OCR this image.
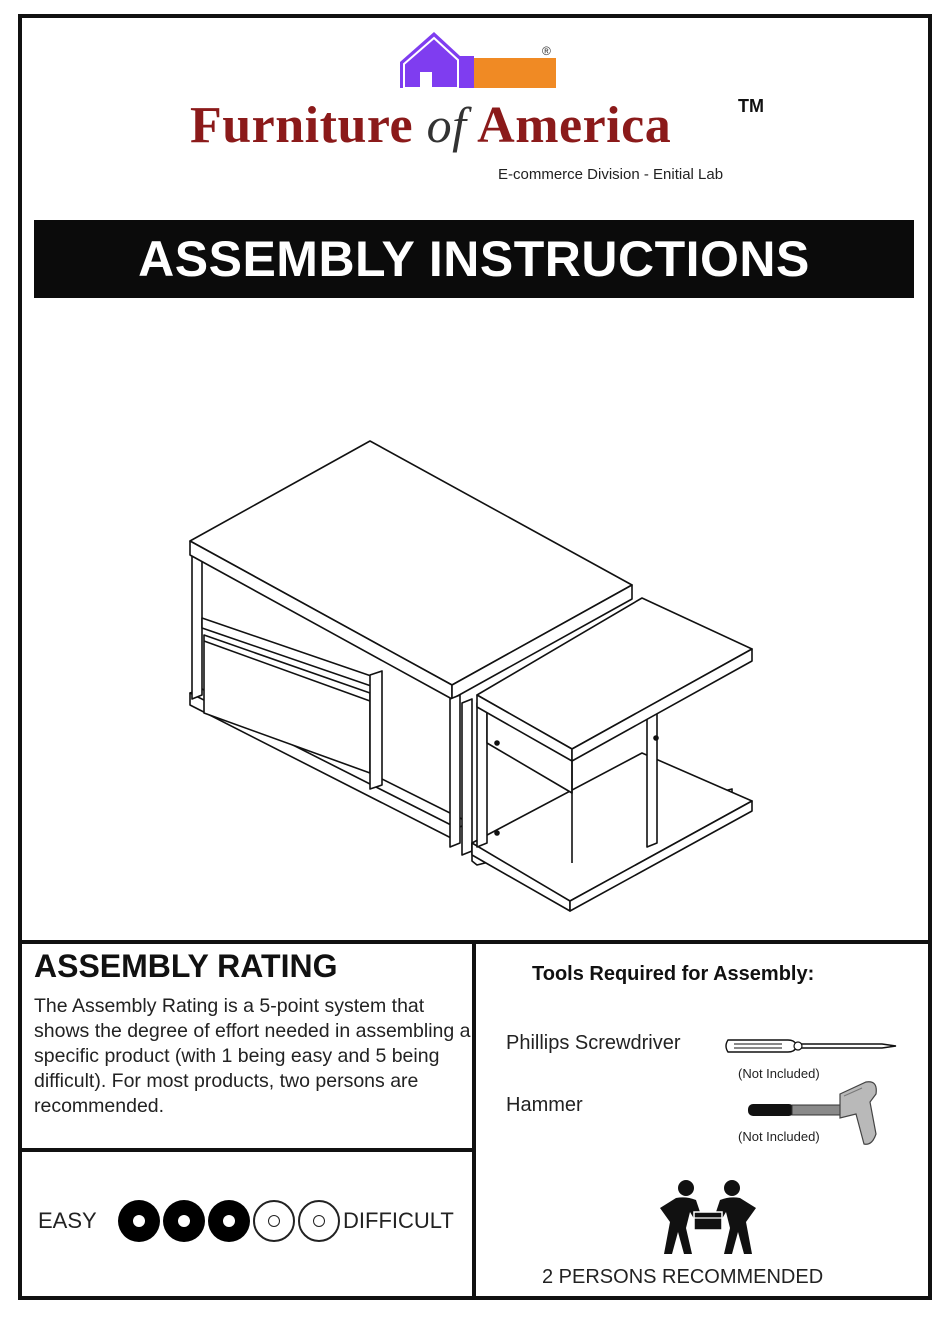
®
Furniture of America	TM
E-commerce Division - Enitial Lab
ASSEMBLY INSTRUCTIONS
ASSEMBLY RATING
The Assembly Rating is a 5-point system that shows the degree of effort needed in assembling a specific product (with 1 being easy and 5 being difficult). For most products, two persons are recommended.
EASY	DIFFICULT
Tools Required for Assembly:
Phillips Screwdriver
(Not Included)
Hammer
(Not Included)
2 PERSONS RECOMMENDED
